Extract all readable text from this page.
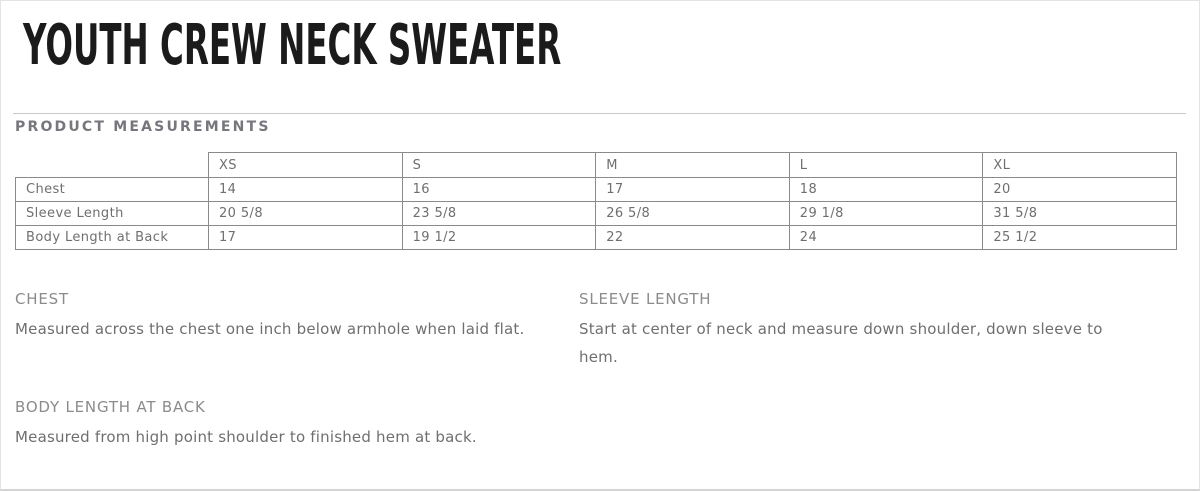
YOUTH CREW NECK SWEATER
PRODUCT MEASUREMENTS
	XS	S	M	L	XL
Chest	14	16	17	18	20
Sleeve Length	20 5/8	23 5/8	26 5/8	29 1/8	31 5/8
Body Length at Back	17	19 1/2	22	24	25 1/2
CHEST

Measured across the chest one inch below armhole when laid flat.

SLEEVE LENGTH

Start at center of neck and measure down shoulder, down sleeve to hem.

BODY LENGTH AT BACK

Measured from high point shoulder to finished hem at back.
